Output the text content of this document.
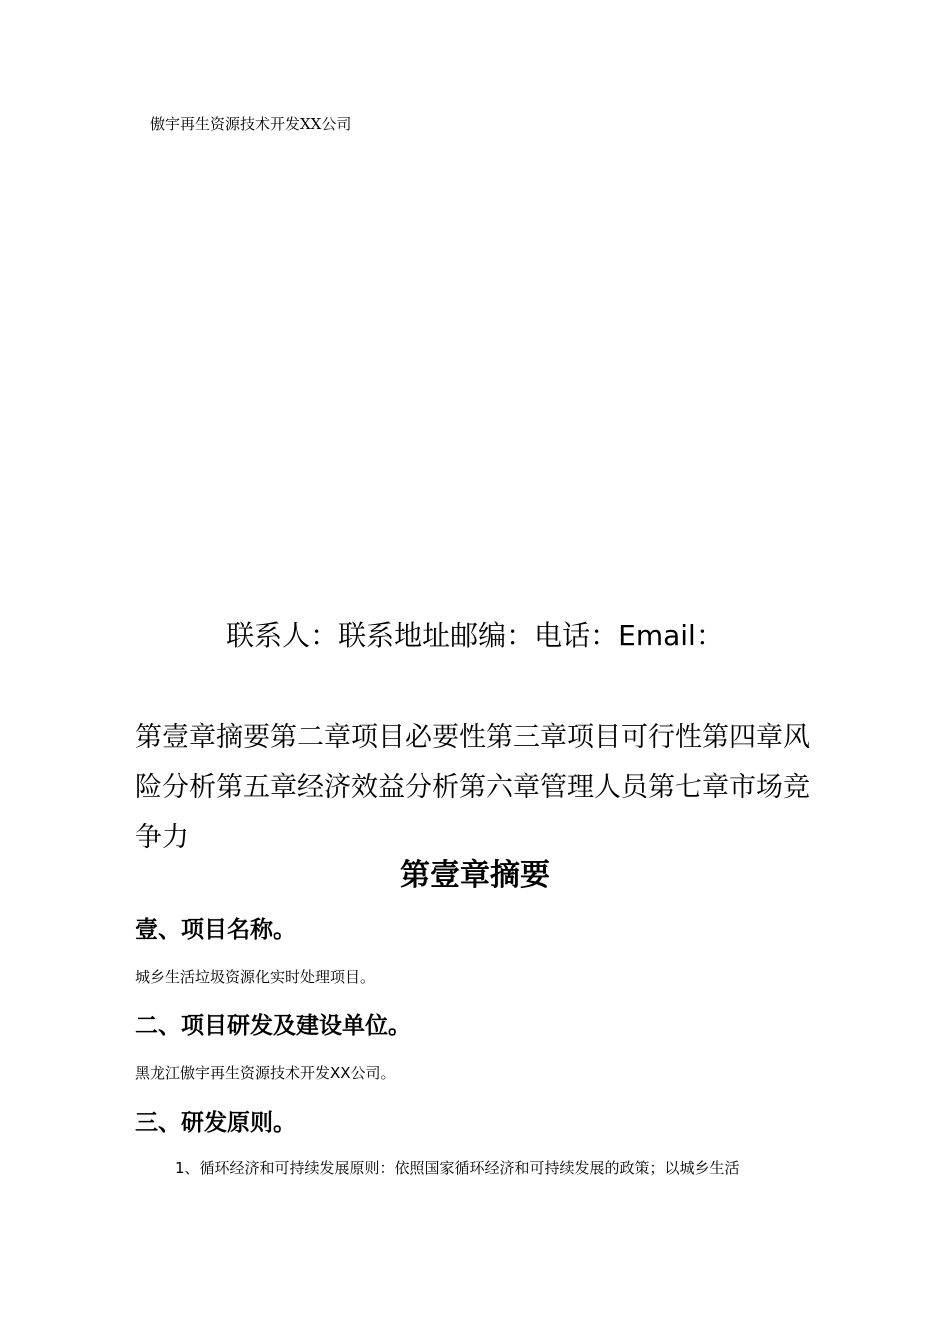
傲宇再生资源技术开发XX公司
联系人：联系地址邮编：电话：Email：
第壹章摘要第二章项目必要性第三章项目可行性第四章风险分析第五章经济效益分析第六章管理人员第七章市场竞争力
第壹章摘要
壹、项目名称。
城乡生活垃圾资源化实时处理项目。
二、项目研发及建设单位。
黑龙江傲宇再生资源技术开发XX公司。
三、研发原则。
1、循环经济和可持续发展原则：依照国家循环经济和可持续发展的政策；以城乡生活
